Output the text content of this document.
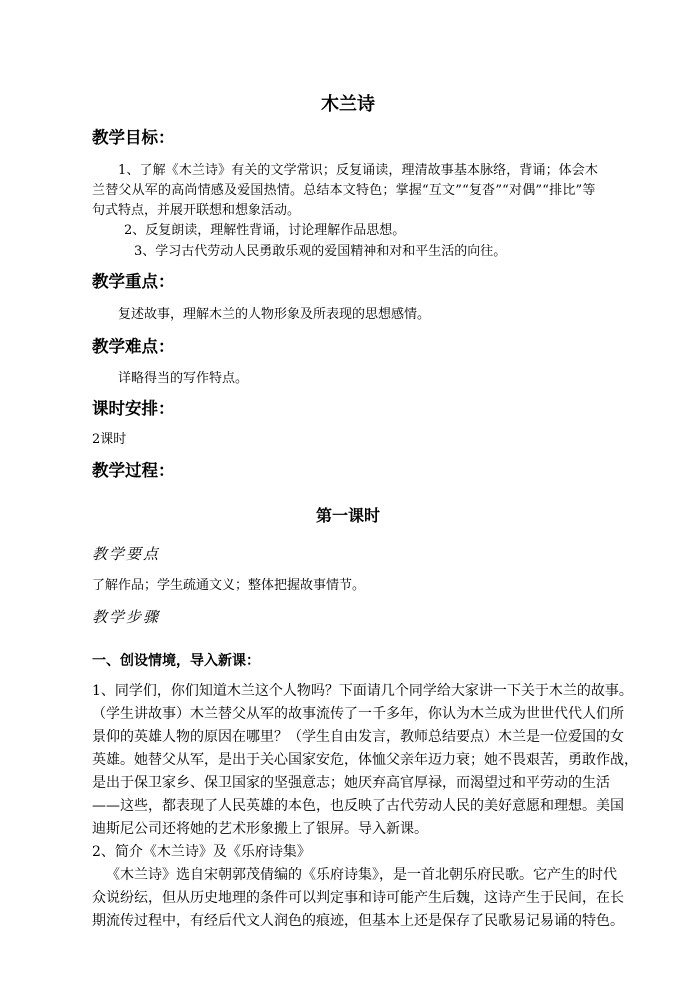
木兰诗
教学目标：
1、了解《木兰诗》有关的文学常识；反复诵读，理清故事基本脉络，背诵；体会木
兰替父从军的高尚情感及爱国热情。总结本文特色；掌握“互文”“复沓”“对偶”“排比”等
句式特点，并展开联想和想象活动。
2、反复朗读，理解性背诵，讨论理解作品思想。
3、学习古代劳动人民勇敢乐观的爱国精神和对和平生活的向往。
教学重点：
复述故事，理解木兰的人物形象及所表现的思想感情。
教学难点：
详略得当的写作特点。
课时安排：
2课时
教学过程：
第一课时
教学要点
了解作品；学生疏通文义；整体把握故事情节。
教学步骤
一、创设情境，导入新课：
1、同学们，你们知道木兰这个人物吗？下面请几个同学给大家讲一下关于木兰的故事。
（学生讲故事）木兰替父从军的故事流传了一千多年，你认为木兰成为世世代代人们所
景仰的英雄人物的原因在哪里？（学生自由发言，教师总结要点）木兰是一位爱国的女
英雄。她替父从军，是出于关心国家安危，体恤父亲年迈力衰；她不畏艰苦，勇敢作战，
是出于保卫家乡、保卫国家的坚强意志；她厌弃高官厚禄，而渴望过和平劳动的生活
——这些，都表现了人民英雄的本色，也反映了古代劳动人民的美好意愿和理想。美国
迪斯尼公司还将她的艺术形象搬上了银屏。导入新课。
2、简介《木兰诗》及《乐府诗集》
《木兰诗》选自宋朝郭茂倩编的《乐府诗集》，是一首北朝乐府民歌。它产生的时代
众说纷纭，但从历史地理的条件可以判定事和诗可能产生后魏，这诗产生于民间，在长
期流传过程中，有经后代文人润色的痕迹，但基本上还是保存了民歌易记易诵的特色。
